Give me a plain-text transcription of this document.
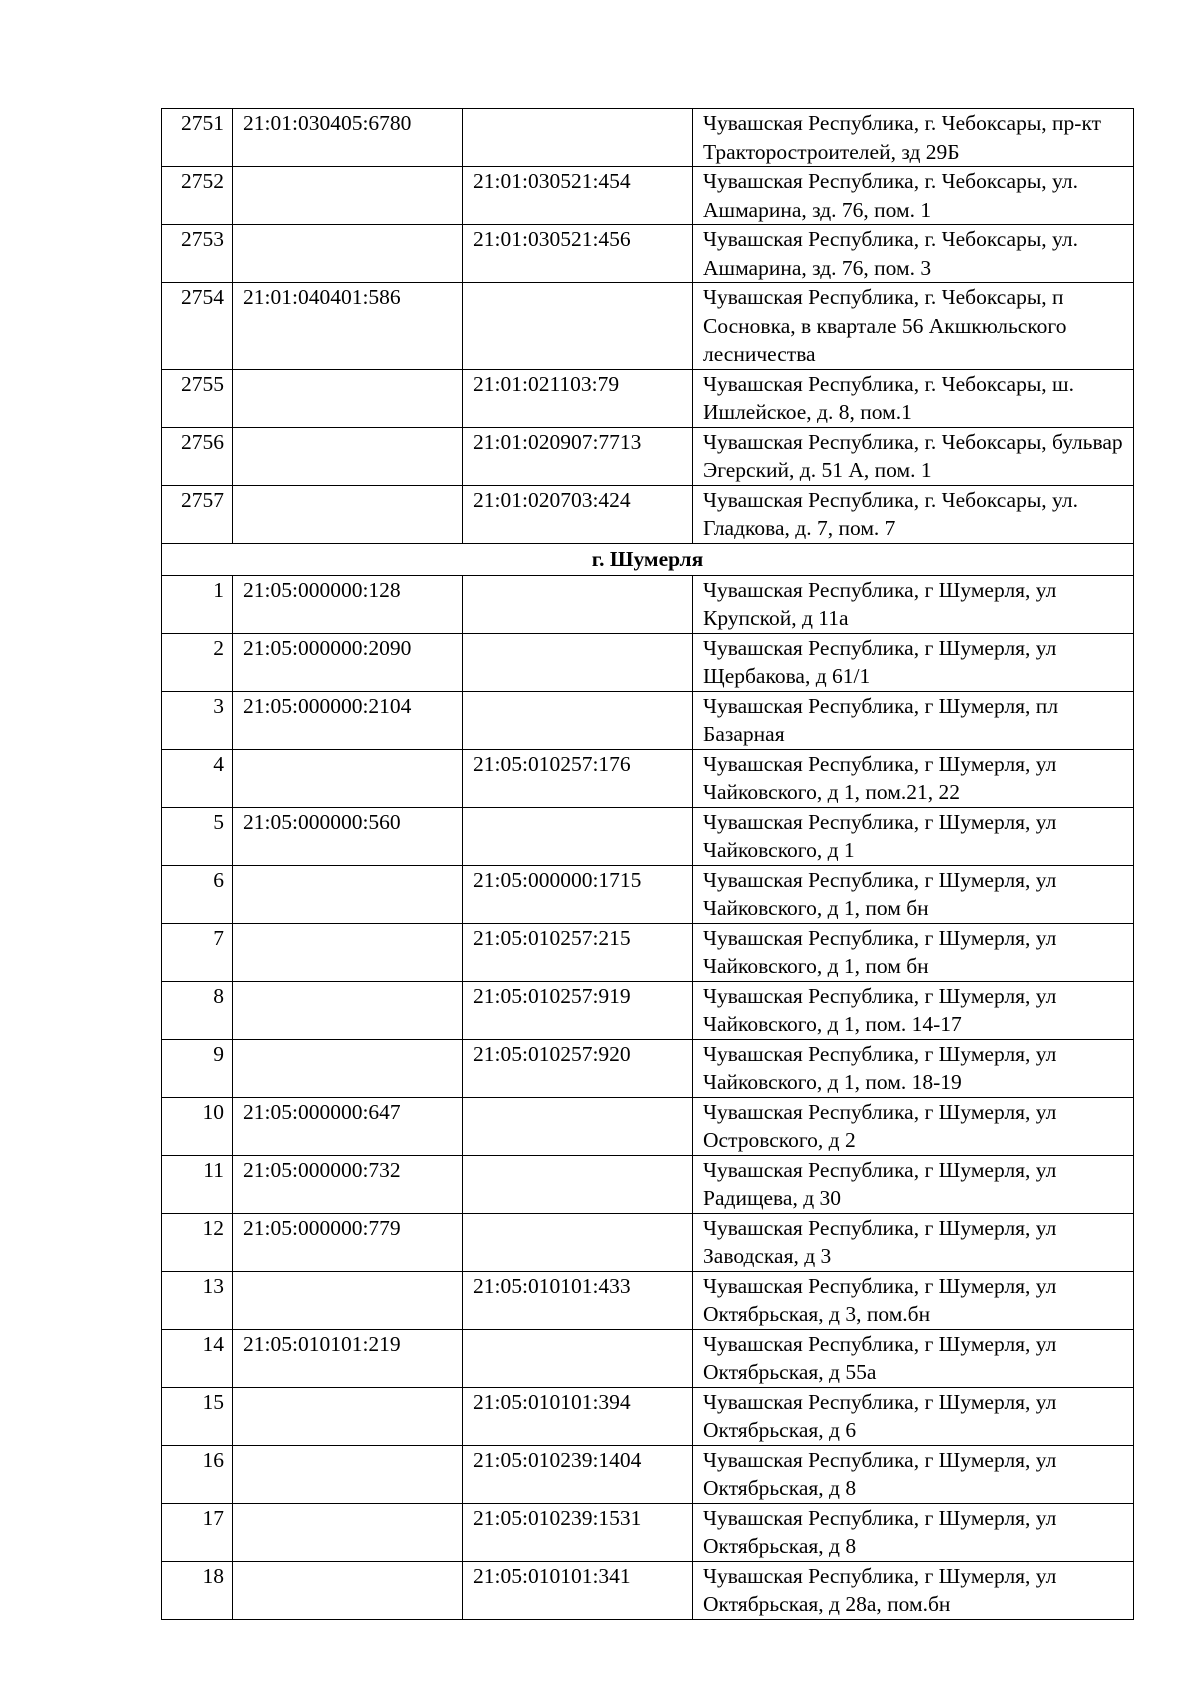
2751	21:01:030405:6780		Чувашская Республика, г. Чебоксары, пр-кт Тракторостроителей, зд 29Б
2752		21:01:030521:454	Чувашская Республика, г. Чебоксары, ул. Ашмарина, зд. 76, пом. 1
2753		21:01:030521:456	Чувашская Республика, г. Чебоксары, ул. Ашмарина, зд. 76, пом. 3
2754	21:01:040401:586		Чувашская Республика, г. Чебоксары, п Сосновка, в квартале 56 Акшкюльского лесничества
2755		21:01:021103:79	Чувашская Республика, г. Чебоксары, ш. Ишлейское, д. 8, пом.1
2756		21:01:020907:7713	Чувашская Республика, г. Чебоксары, бульвар Эгерский, д. 51 А, пом. 1
2757		21:01:020703:424	Чувашская Республика, г. Чебоксары, ул. Гладкова, д. 7, пом. 7
г. Шумерля			
1	21:05:000000:128		Чувашская Республика, г Шумерля, ул Крупской, д 11а
2	21:05:000000:2090		Чувашская Республика, г Шумерля, ул Щербакова, д 61/1
3	21:05:000000:2104		Чувашская Республика, г Шумерля, пл Базарная
4		21:05:010257:176	Чувашская Республика, г Шумерля, ул Чайковского, д 1, пом.21, 22
5	21:05:000000:560		Чувашская Республика, г Шумерля, ул Чайковского, д 1
6		21:05:000000:1715	Чувашская Республика, г Шумерля, ул Чайковского, д 1, пом бн
7		21:05:010257:215	Чувашская Республика, г Шумерля, ул Чайковского, д 1, пом бн
8		21:05:010257:919	Чувашская Республика, г Шумерля, ул Чайковского, д 1, пом. 14-17
9		21:05:010257:920	Чувашская Республика, г Шумерля, ул Чайковского, д 1, пом. 18-19
10	21:05:000000:647		Чувашская Республика, г Шумерля, ул Островского, д 2
11	21:05:000000:732		Чувашская Республика, г Шумерля, ул Радищева, д 30
12	21:05:000000:779		Чувашская Республика, г Шумерля, ул Заводская, д 3
13		21:05:010101:433	Чувашская Республика, г Шумерля, ул Октябрьская, д 3, пом.бн
14	21:05:010101:219		Чувашская Республика, г Шумерля, ул Октябрьская, д 55а
15		21:05:010101:394	Чувашская Республика, г Шумерля, ул Октябрьская, д 6
16		21:05:010239:1404	Чувашская Республика, г Шумерля, ул Октябрьская, д 8
17		21:05:010239:1531	Чувашская Республика, г Шумерля, ул Октябрьская, д 8
18		21:05:010101:341	Чувашская Республика, г Шумерля, ул Октябрьская, д 28а, пом.бн
